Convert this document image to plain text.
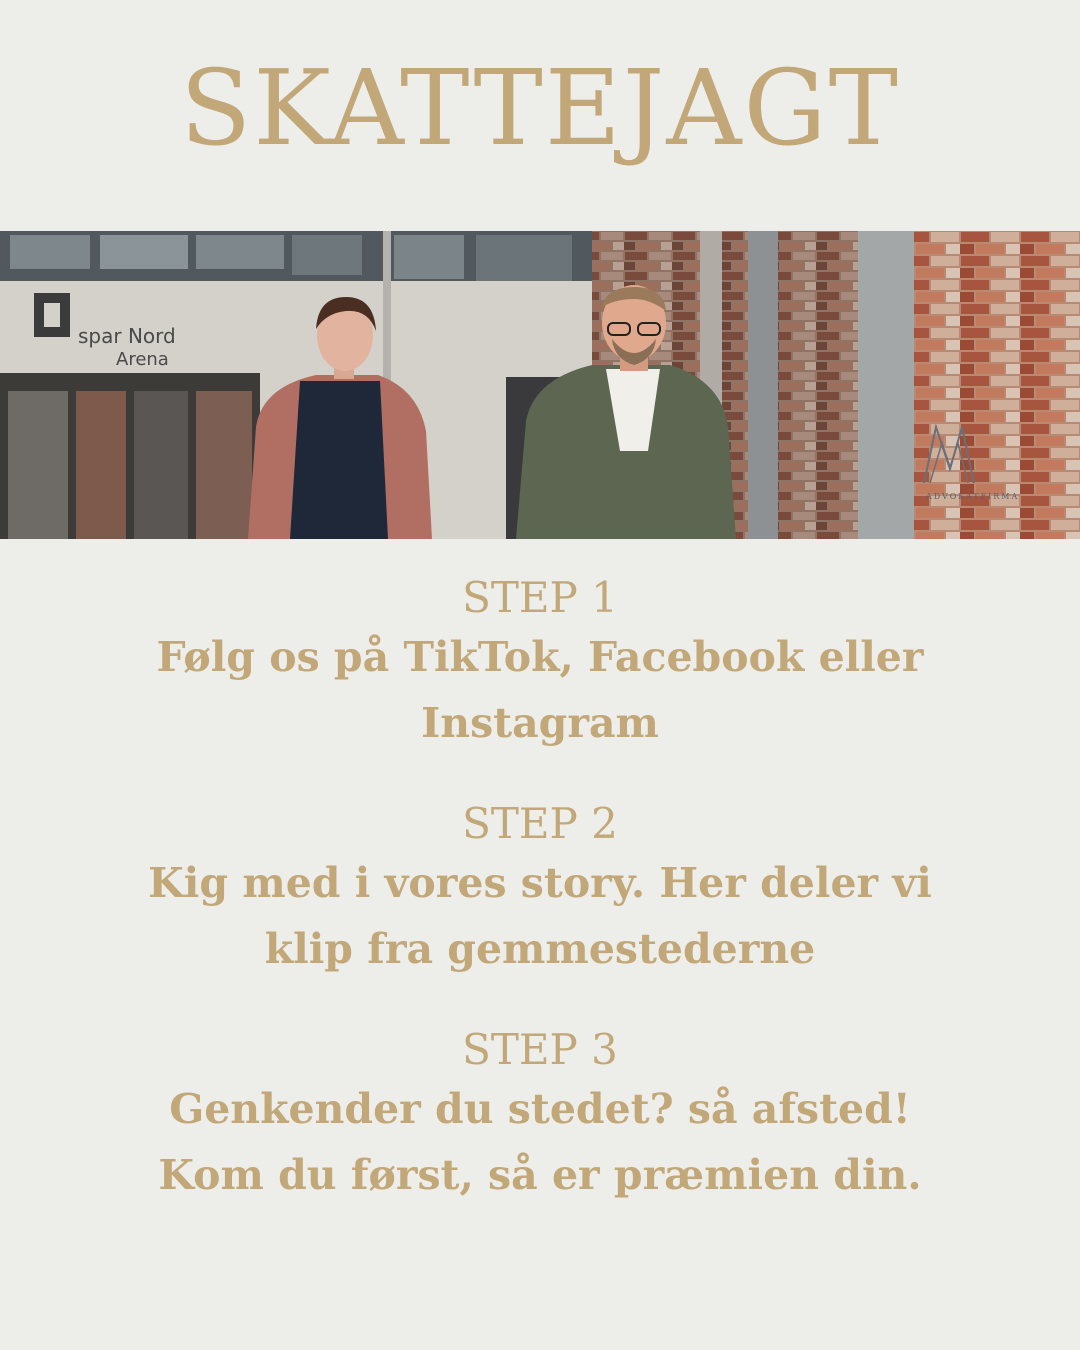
SKATTEJAGT
spar Nord
Arena
ADVOKATFIRMA
STEP 1
Følg os på TikTok, Facebook eller
Instagram
STEP 2
Kig med i vores story. Her deler vi
klip fra gemmestederne
STEP 3
Genkender du stedet? så afsted!
Kom du først, så er præmien din.
